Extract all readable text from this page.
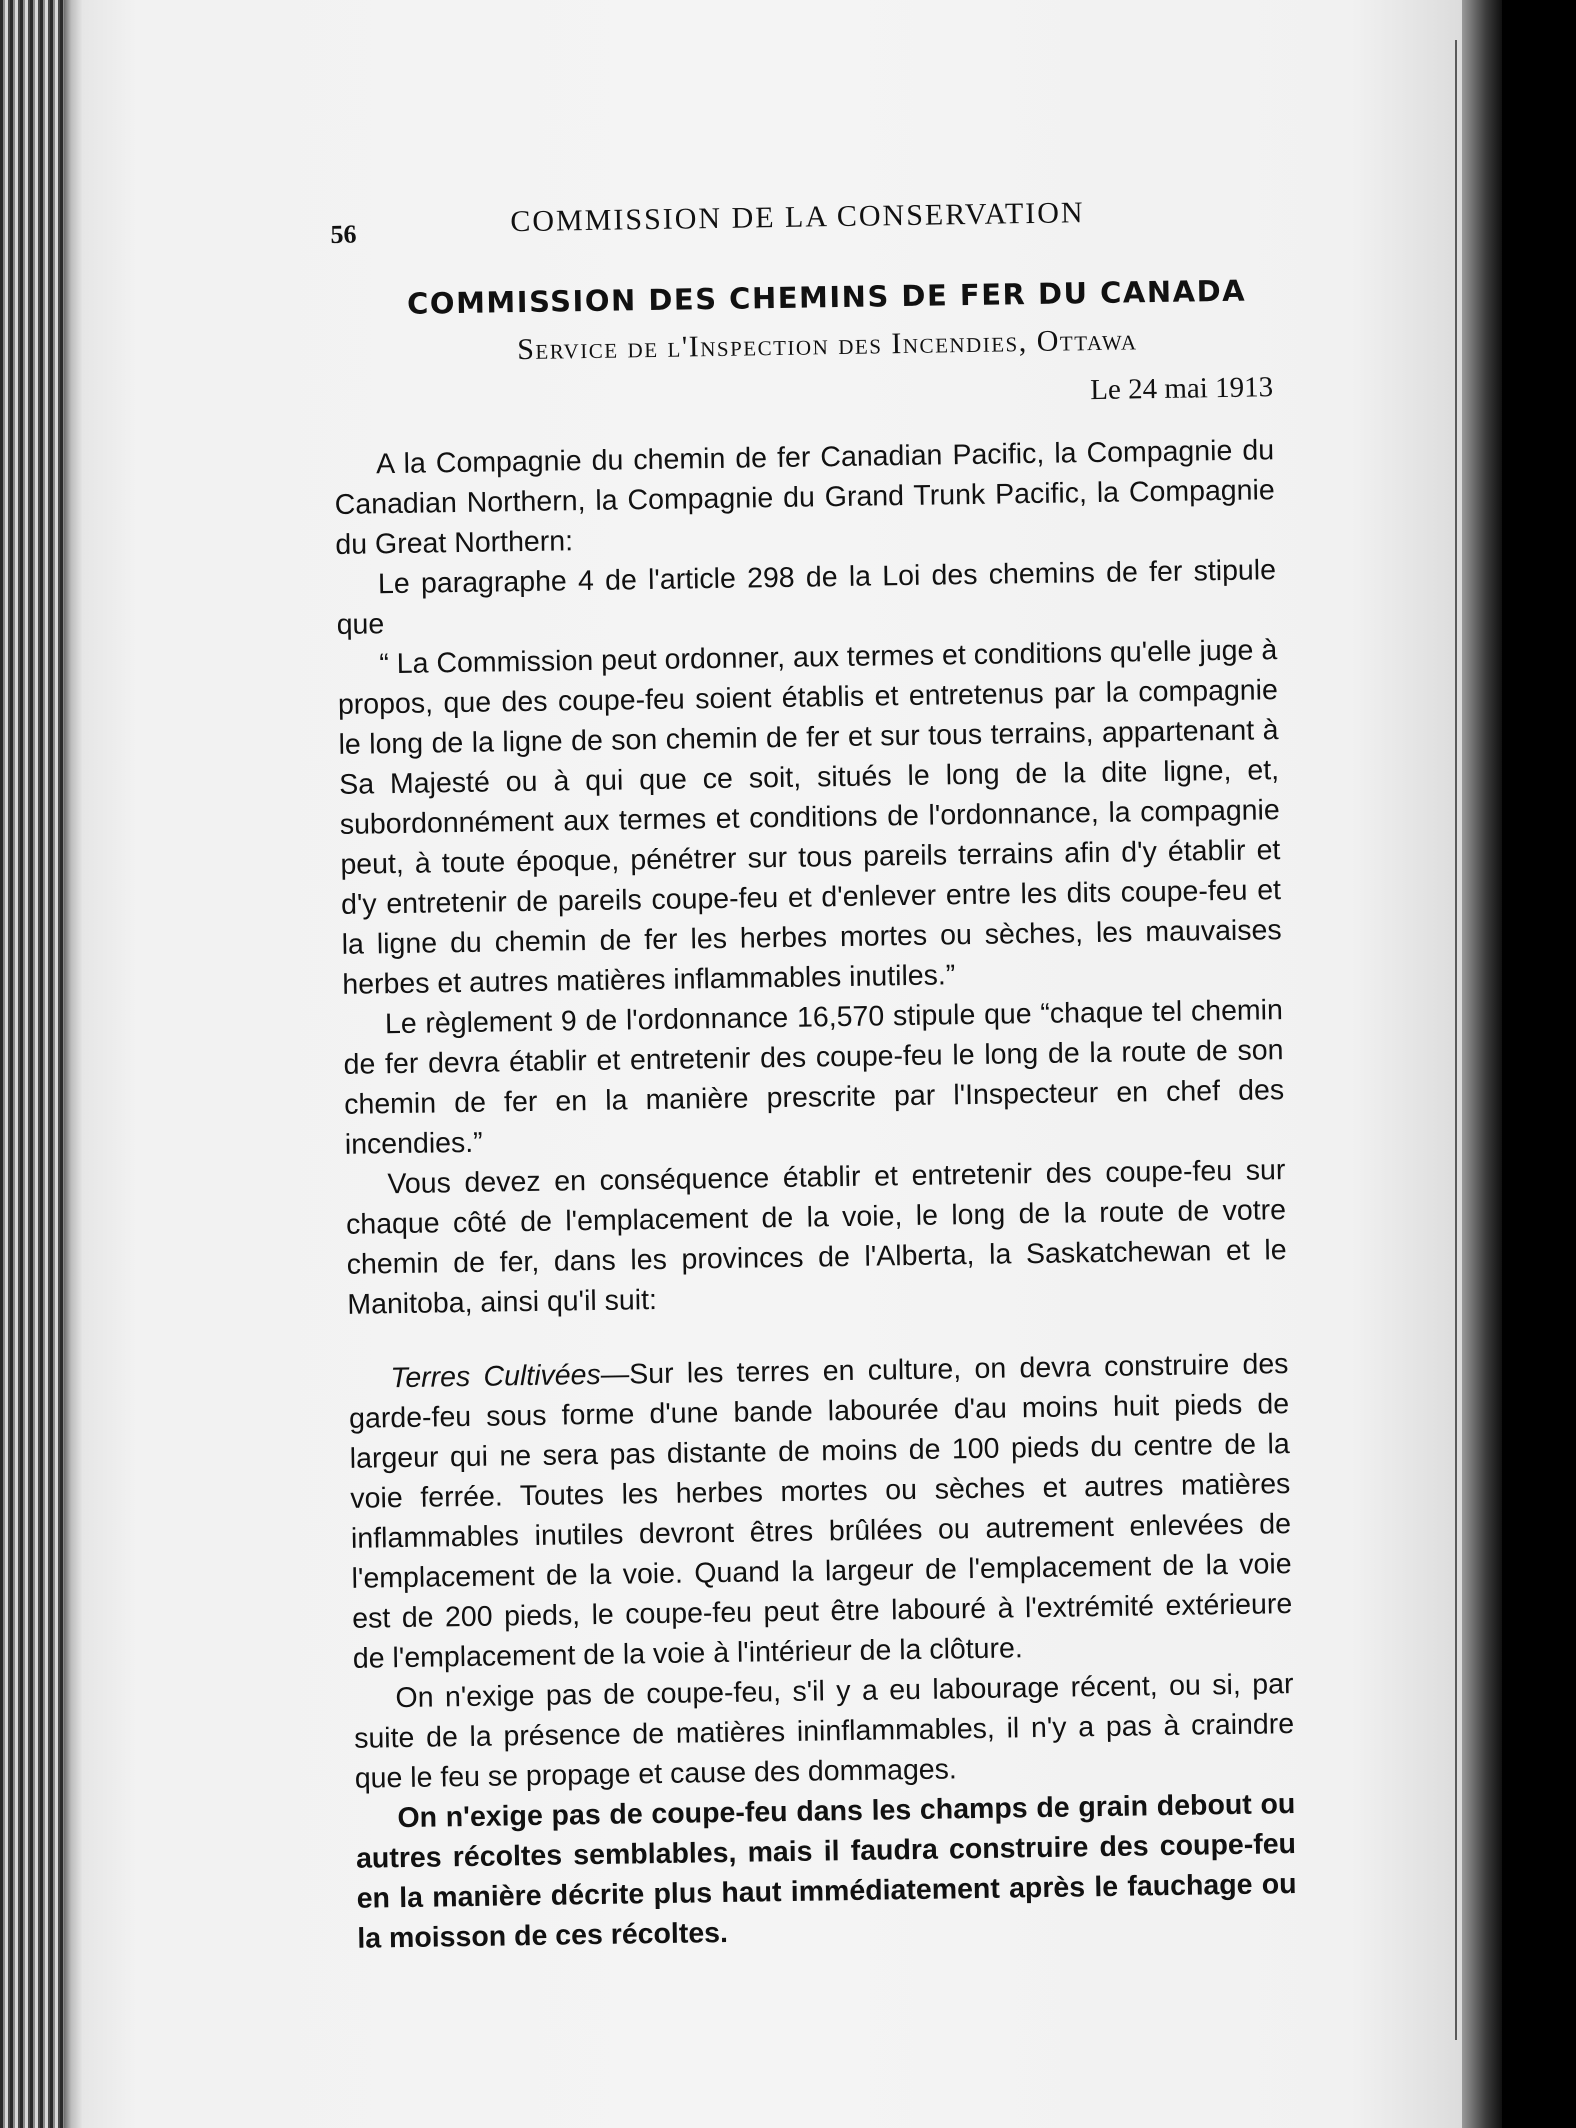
56	COMMISSION DE LA CONSERVATION
COMMISSION DES CHEMINS DE FER DU CANADA
Service de l'Inspection des Incendies, Ottawa
Le 24 mai 1913

A la Compagnie du chemin de fer Canadian Pacific, la Compagnie du Canadian Northern, la Compagnie du Grand Trunk Pacific, la Compagnie du Great Northern:

Le paragraphe 4 de l'article 298 de la Loi des chemins de fer stipule que

“ La Commission peut ordonner, aux termes et conditions qu'elle juge à propos, que des coupe-feu soient établis et entretenus par la compagnie le long de la ligne de son chemin de fer et sur tous terrains, appartenant à Sa Majesté ou à qui que ce soit, situés le long de la dite ligne, et, subordonnément aux termes et conditions de l'ordonnance, la compagnie peut, à toute époque, pénétrer sur tous pareils terrains afin d'y établir et d'y entretenir de pareils coupe-feu et d'enlever entre les dits coupe-feu et la ligne du chemin de fer les herbes mortes ou sèches, les mauvaises herbes et autres matières inflammables inutiles.”

Le règlement 9 de l'ordonnance 16,570 stipule que “chaque tel chemin de fer devra établir et entretenir des coupe-feu le long de la route de son chemin de fer en la manière prescrite par l'Inspecteur en chef des incendies.”

Vous devez en conséquence établir et entretenir des coupe-feu sur chaque côté de l'emplacement de la voie, le long de la route de votre chemin de fer, dans les provinces de l'Alberta, la Saskatchewan et le Manitoba, ainsi qu'il suit:

Terres Cultivées—Sur les terres en culture, on devra construire des garde-feu sous forme d'une bande labourée d'au moins huit pieds de largeur qui ne sera pas distante de moins de 100 pieds du centre de la voie ferrée. Toutes les herbes mortes ou sèches et autres matières inflammables inutiles devront êtres brûlées ou autrement enlevées de l'emplacement de la voie. Quand la largeur de l'emplacement de la voie est de 200 pieds, le coupe-feu peut être labouré à l'extrémité extérieure de l'emplacement de la voie à l'intérieur de la clôture.

On n'exige pas de coupe-feu, s'il y a eu labourage récent, ou si, par suite de la présence de matières ininflammables, il n'y a pas à craindre que le feu se propage et cause des dommages.

On n'exige pas de coupe-feu dans les champs de grain debout ou autres récoltes semblables, mais il faudra construire des coupe-feu en la manière décrite plus haut immédiatement après le fauchage ou la moisson de ces récoltes.
